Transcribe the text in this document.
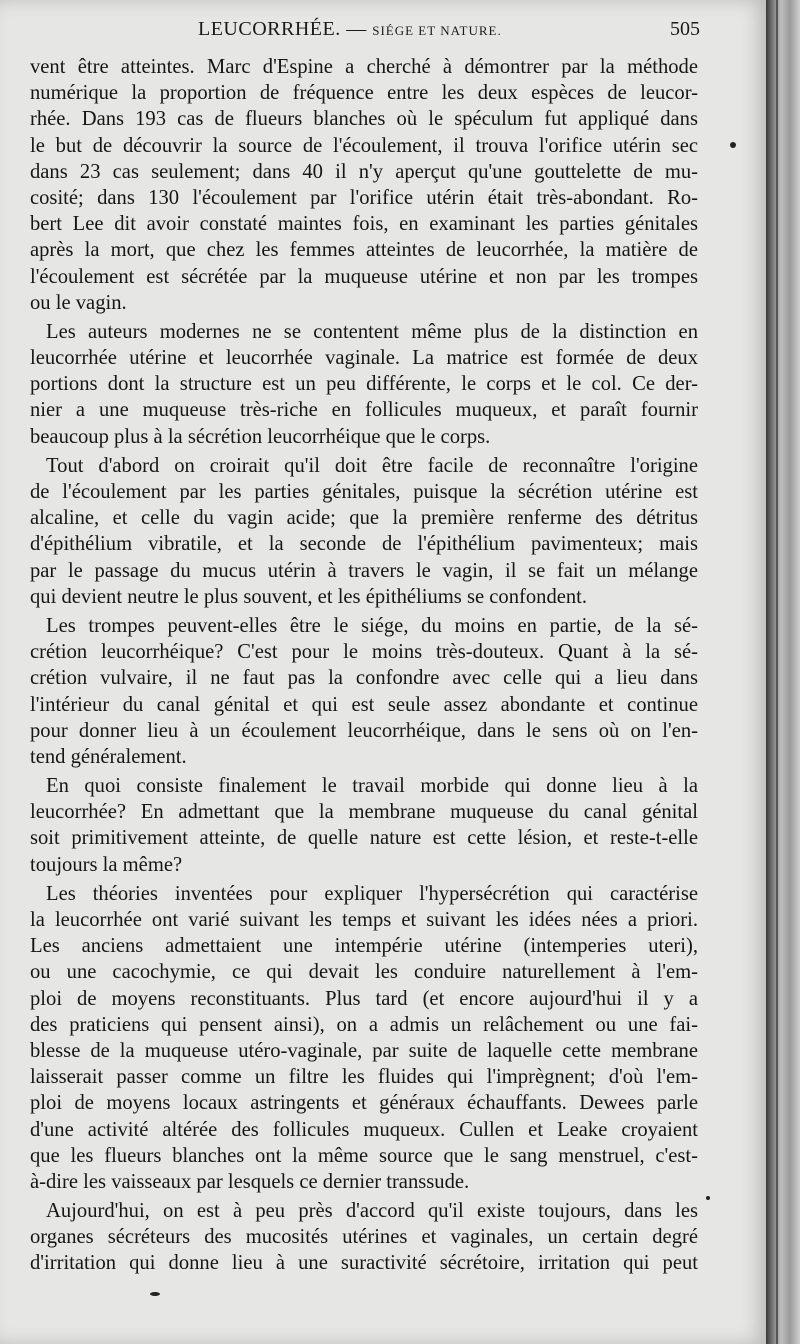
LEUCORRHÉE. — SIÉGE ET NATURE.	505
vent être atteintes. Marc d'Espine a cherché à démontrer par la méthode
numérique la proportion de fréquence entre les deux espèces de leucor-
rhée. Dans 193 cas de flueurs blanches où le spéculum fut appliqué dans
le but de découvrir la source de l'écoulement, il trouva l'orifice utérin sec
dans 23 cas seulement; dans 40 il n'y aperçut qu'une gouttelette de mu-
cosité; dans 130 l'écoulement par l'orifice utérin était très-abondant. Ro-
bert Lee dit avoir constaté maintes fois, en examinant les parties génitales
après la mort, que chez les femmes atteintes de leucorrhée, la matière de
l'écoulement est sécrétée par la muqueuse utérine et non par les trompes
ou le vagin.
Les auteurs modernes ne se contentent même plus de la distinction en
leucorrhée utérine et leucorrhée vaginale. La matrice est formée de deux
portions dont la structure est un peu différente, le corps et le col. Ce der-
nier a une muqueuse très-riche en follicules muqueux, et paraît fournir
beaucoup plus à la sécrétion leucorrhéique que le corps.
Tout d'abord on croirait qu'il doit être facile de reconnaître l'origine
de l'écoulement par les parties génitales, puisque la sécrétion utérine est
alcaline, et celle du vagin acide; que la première renferme des détritus
d'épithélium vibratile, et la seconde de l'épithélium pavimenteux; mais
par le passage du mucus utérin à travers le vagin, il se fait un mélange
qui devient neutre le plus souvent, et les épithéliums se confondent.
Les trompes peuvent-elles être le siége, du moins en partie, de la sé-
crétion leucorrhéique? C'est pour le moins très-douteux. Quant à la sé-
crétion vulvaire, il ne faut pas la confondre avec celle qui a lieu dans
l'intérieur du canal génital et qui est seule assez abondante et continue
pour donner lieu à un écoulement leucorrhéique, dans le sens où on l'en-
tend généralement.
En quoi consiste finalement le travail morbide qui donne lieu à la
leucorrhée? En admettant que la membrane muqueuse du canal génital
soit primitivement atteinte, de quelle nature est cette lésion, et reste-t-elle
toujours la même?
Les théories inventées pour expliquer l'hypersécrétion qui caractérise
la leucorrhée ont varié suivant les temps et suivant les idées nées a priori.
Les anciens admettaient une intempérie utérine (intemperies uteri),
ou une cacochymie, ce qui devait les conduire naturellement à l'em-
ploi de moyens reconstituants. Plus tard (et encore aujourd'hui il y a
des praticiens qui pensent ainsi), on a admis un relâchement ou une fai-
blesse de la muqueuse utéro-vaginale, par suite de laquelle cette membrane
laisserait passer comme un filtre les fluides qui l'imprègnent; d'où l'em-
ploi de moyens locaux astringents et généraux échauffants. Dewees parle
d'une activité altérée des follicules muqueux. Cullen et Leake croyaient
que les flueurs blanches ont la même source que le sang menstruel, c'est-
à-dire les vaisseaux par lesquels ce dernier transsude.
Aujourd'hui, on est à peu près d'accord qu'il existe toujours, dans les
organes sécréteurs des mucosités utérines et vaginales, un certain degré
d'irritation qui donne lieu à une suractivité sécrétoire, irritation qui peut
